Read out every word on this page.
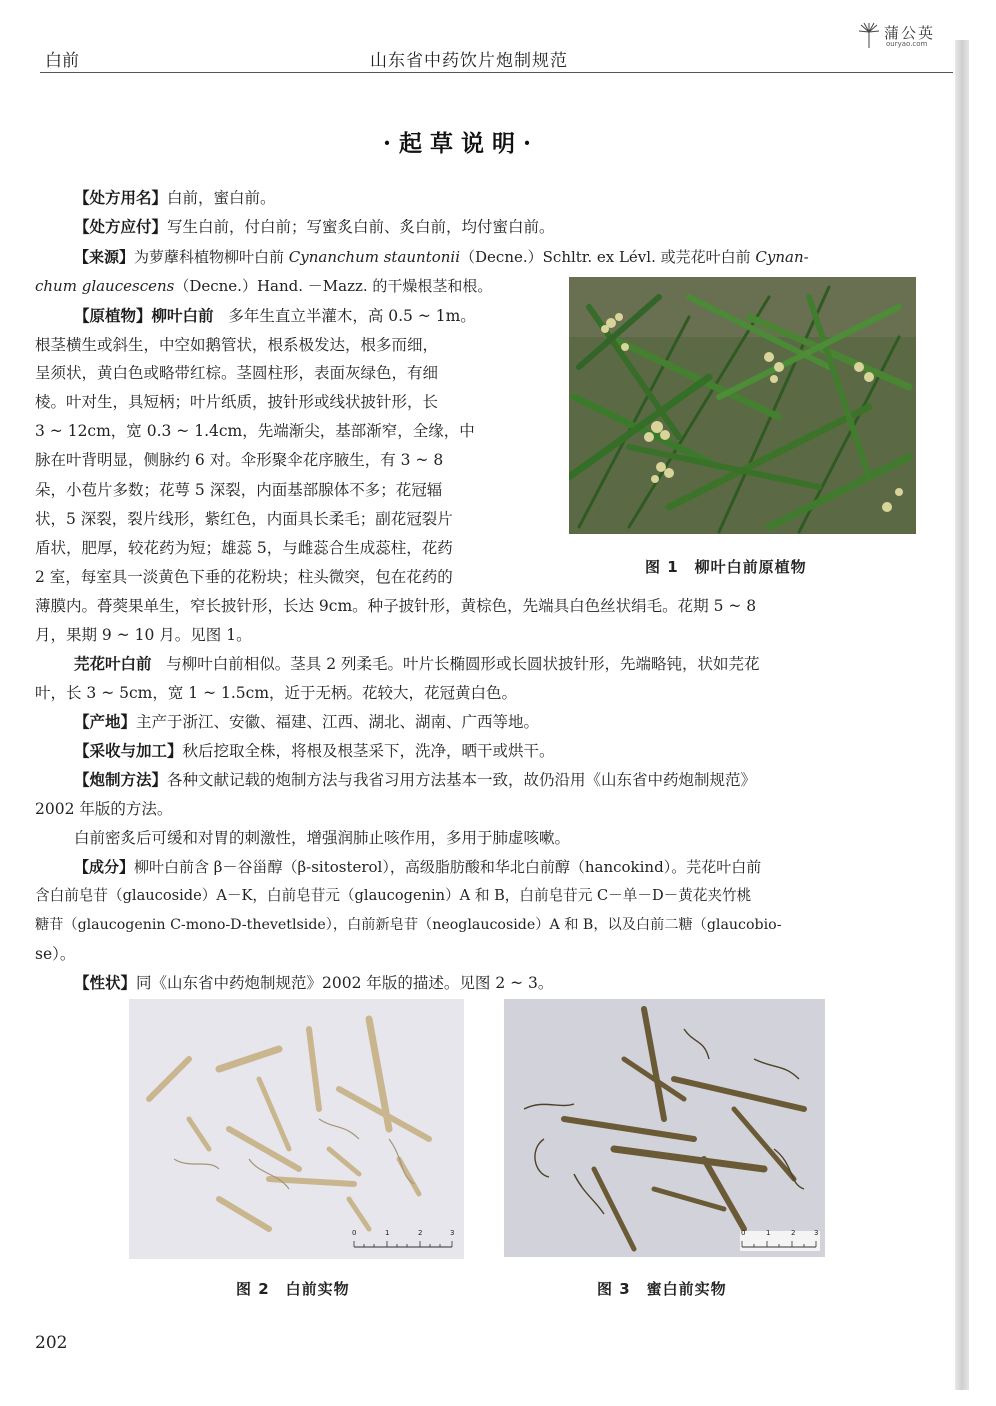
蒲公英
ouryao.com
白前	山东省中药饮片炮制规范
·起草说明·
【处方用名】白前，蜜白前。
【处方应付】写生白前，付白前；写蜜炙白前、炙白前，均付蜜白前。
【来源】为萝藦科植物柳叶白前 Cynanchum stauntonii（Decne.）Schltr. ex Lévl. 或芫花叶白前 Cynan-
chum glaucescens（Decne.）Hand. －Mazz. 的干燥根茎和根。
【原植物】柳叶白前 多年生直立半灌木，高 0.5 ~ 1m。
根茎横生或斜生，中空如鹅管状，根系极发达，根多而细，
呈须状，黄白色或略带红棕。茎圆柱形，表面灰绿色，有细
棱。叶对生，具短柄；叶片纸质，披针形或线状披针形，长
3 ~ 12cm，宽 0.3 ~ 1.4cm，先端渐尖，基部渐窄，全缘，中
脉在叶背明显，侧脉约 6 对。伞形聚伞花序腋生，有 3 ~ 8
朵，小苞片多数；花萼 5 深裂，内面基部腺体不多；花冠辐
状，5 深裂，裂片线形，紫红色，内面具长柔毛；副花冠裂片
盾状，肥厚，较花药为短；雄蕊 5，与雌蕊合生成蕊柱，花药
2 室，每室具一淡黄色下垂的花粉块；柱头微突，包在花药的
薄膜内。蓇葖果单生，窄长披针形，长达 9cm。种子披针形，黄棕色，先端具白色丝状绢毛。花期 5 ~ 8
月，果期 9 ~ 10 月。见图 1。
芫花叶白前 与柳叶白前相似。茎具 2 列柔毛。叶片长椭圆形或长圆状披针形，先端略钝，状如芫花
叶，长 3 ~ 5cm，宽 1 ~ 1.5cm，近于无柄。花较大，花冠黄白色。
【产地】主产于浙江、安徽、福建、江西、湖北、湖南、广西等地。
【采收与加工】秋后挖取全株，将根及根茎采下，洗净，晒干或烘干。
【炮制方法】各种文献记载的炮制方法与我省习用方法基本一致，故仍沿用《山东省中药炮制规范》
2002 年版的方法。
白前密炙后可缓和对胃的刺激性，增强润肺止咳作用，多用于肺虚咳嗽。
【成分】柳叶白前含 β－谷甾醇（β-sitosterol），高级脂肪酸和华北白前醇（hancokind）。芫花叶白前
含白前皂苷（glaucoside）A－K，白前皂苷元（glaucogenin）A 和 B，白前皂苷元 C－单－D－黄花夹竹桃
糖苷（glaucogenin C-mono-D-thevetlside），白前新皂苷（neoglaucoside）A 和 B，以及白前二糖（glaucobio-
se）。
【性状】同《山东省中药炮制规范》2002 年版的描述。见图 2 ~ 3。
图 1　柳叶白前原植物
0	1	2	3
图 2　白前实物
0	1	2	3
图 3　蜜白前实物
202
